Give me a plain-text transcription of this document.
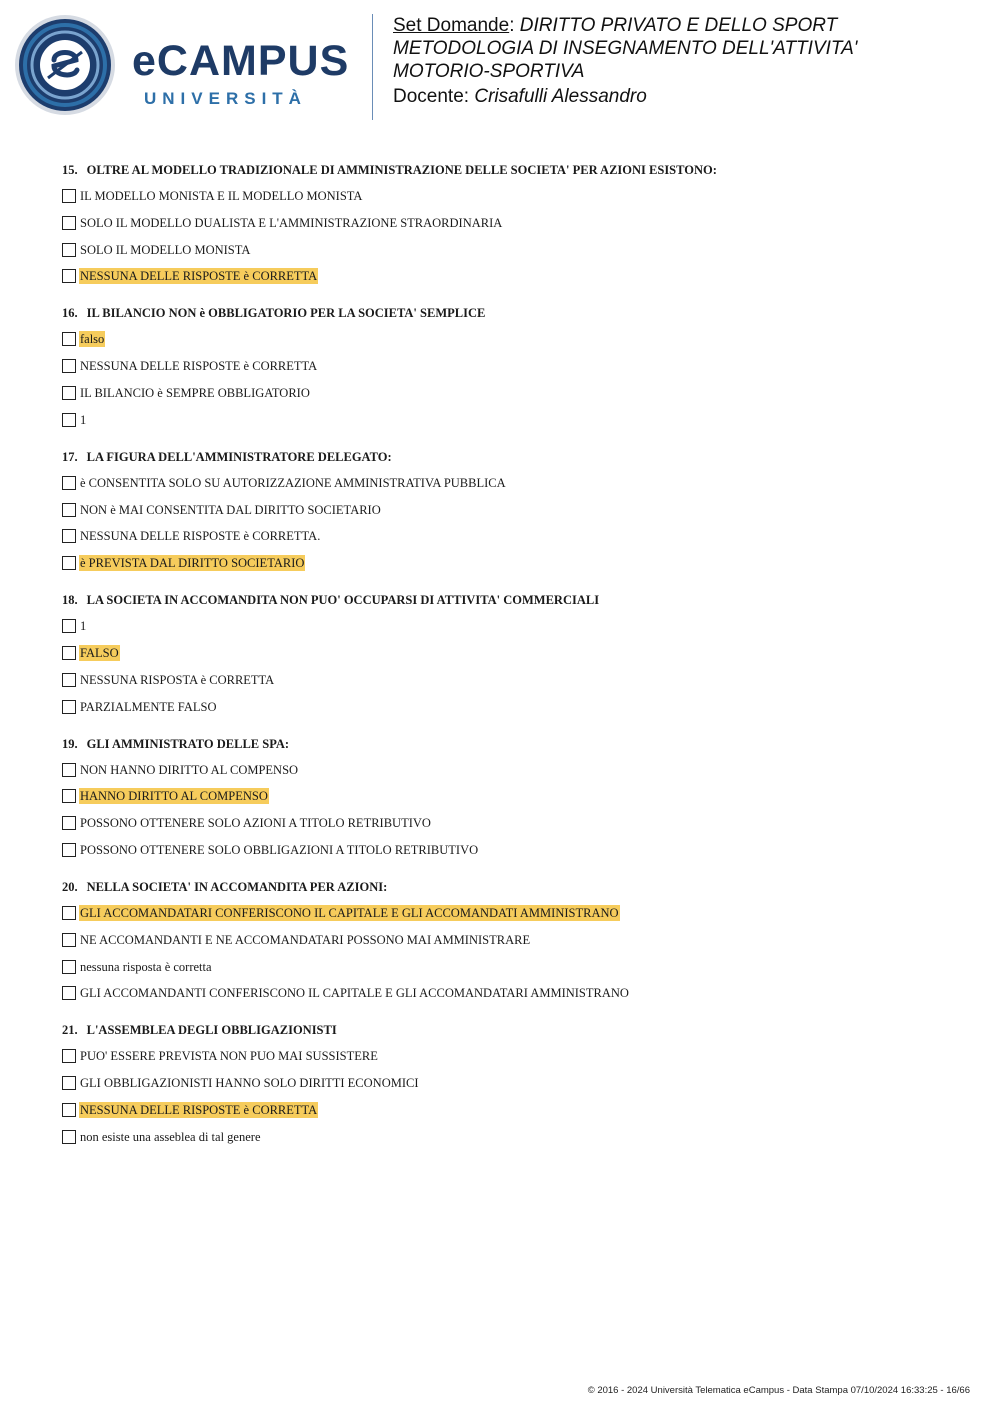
eCAMPUS
UNIVERSITÀ
Set Domande: DIRITTO PRIVATO E DELLO SPORT
METODOLOGIA DI INSEGNAMENTO DELL'ATTIVITA'
MOTORIO-SPORTIVA
Docente: Crisafulli Alessandro
15. OLTRE AL MODELLO TRADIZIONALE DI AMMINISTRAZIONE DELLE SOCIETA' PER AZIONI ESISTONO:
IL MODELLO MONISTA E IL MODELLO MONISTA
SOLO IL MODELLO DUALISTA E L'AMMINISTRAZIONE STRAORDINARIA
SOLO IL MODELLO MONISTA
NESSUNA DELLE RISPOSTE è CORRETTA
16. IL BILANCIO NON è OBBLIGATORIO PER LA SOCIETA' SEMPLICE
falso
NESSUNA DELLE RISPOSTE è CORRETTA
IL BILANCIO è SEMPRE OBBLIGATORIO
1
17. LA FIGURA DELL'AMMINISTRATORE DELEGATO:
è CONSENTITA SOLO SU AUTORIZZAZIONE AMMINISTRATIVA PUBBLICA
NON è MAI CONSENTITA DAL DIRITTO SOCIETARIO
NESSUNA DELLE RISPOSTE è CORRETTA.
è PREVISTA DAL DIRITTO SOCIETARIO
18. LA SOCIETA IN ACCOMANDITA NON PUO' OCCUPARSI DI ATTIVITA' COMMERCIALI
1
FALSO
NESSUNA RISPOSTA è CORRETTA
PARZIALMENTE FALSO
19. GLI AMMINISTRATO DELLE SPA:
NON HANNO DIRITTO AL COMPENSO
HANNO DIRITTO AL COMPENSO
POSSONO OTTENERE SOLO AZIONI A TITOLO RETRIBUTIVO
POSSONO OTTENERE SOLO OBBLIGAZIONI A TITOLO RETRIBUTIVO
20. NELLA SOCIETA' IN ACCOMANDITA PER AZIONI:
GLI ACCOMANDATARI CONFERISCONO IL CAPITALE E GLI ACCOMANDATI AMMINISTRANO
NE ACCOMANDANTI E NE ACCOMANDATARI POSSONO MAI AMMINISTRARE
nessuna risposta è corretta
GLI ACCOMANDANTI CONFERISCONO IL CAPITALE E GLI ACCOMANDATARI AMMINISTRANO
21. L'ASSEMBLEA DEGLI OBBLIGAZIONISTI
PUO' ESSERE PREVISTA NON PUO MAI SUSSISTERE
GLI OBBLIGAZIONISTI HANNO SOLO DIRITTI ECONOMICI
NESSUNA DELLE RISPOSTE è CORRETTA
non esiste una asseblea di tal genere
© 2016 - 2024 Università Telematica eCampus - Data Stampa 07/10/2024 16:33:25 - 16/66
